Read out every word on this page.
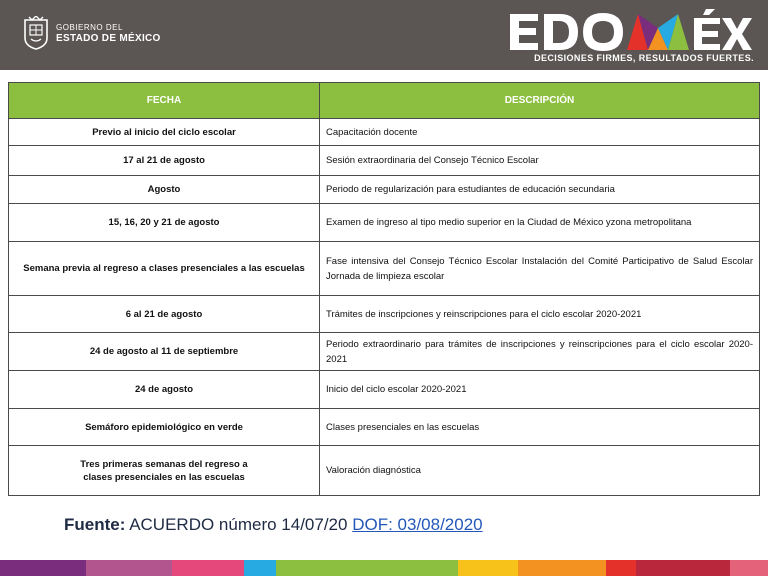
GOBIERNO DEL
ESTADO DE MÉXICO
DECISIONES FIRMES, RESULTADOS FUERTES.
FECHA	DESCRIPCIÓN
Previo al inicio del ciclo escolar	Capacitación docente
17 al 21 de agosto	Sesión extraordinaria del Consejo Técnico Escolar
Agosto	Periodo de regularización para estudiantes de educación secundaria
15, 16, 20 y 21 de agosto	Examen de ingreso al tipo medio superior en la Ciudad de México yzona metropolitana
Semana previa al regreso a clases presenciales a las escuelas	Fase intensiva del Consejo Técnico Escolar Instalación del Comité Participativo de Salud Escolar Jornada de limpieza escolar
6 al 21 de agosto	Trámites de inscripciones y reinscripciones para el ciclo escolar 2020-2021
24 de agosto al 11 de septiembre	Periodo extraordinario para trámites de inscripciones y reinscripciones para el ciclo escolar 2020-2021
24 de agosto	Inicio del ciclo escolar 2020-2021
Semáforo epidemiológico en verde	Clases presenciales en las escuelas
Tres primeras semanas del regreso a clases presenciales en las escuelas	Valoración diagnóstica
Fuente: ACUERDO número 14/07/20 DOF: 03/08/2020
